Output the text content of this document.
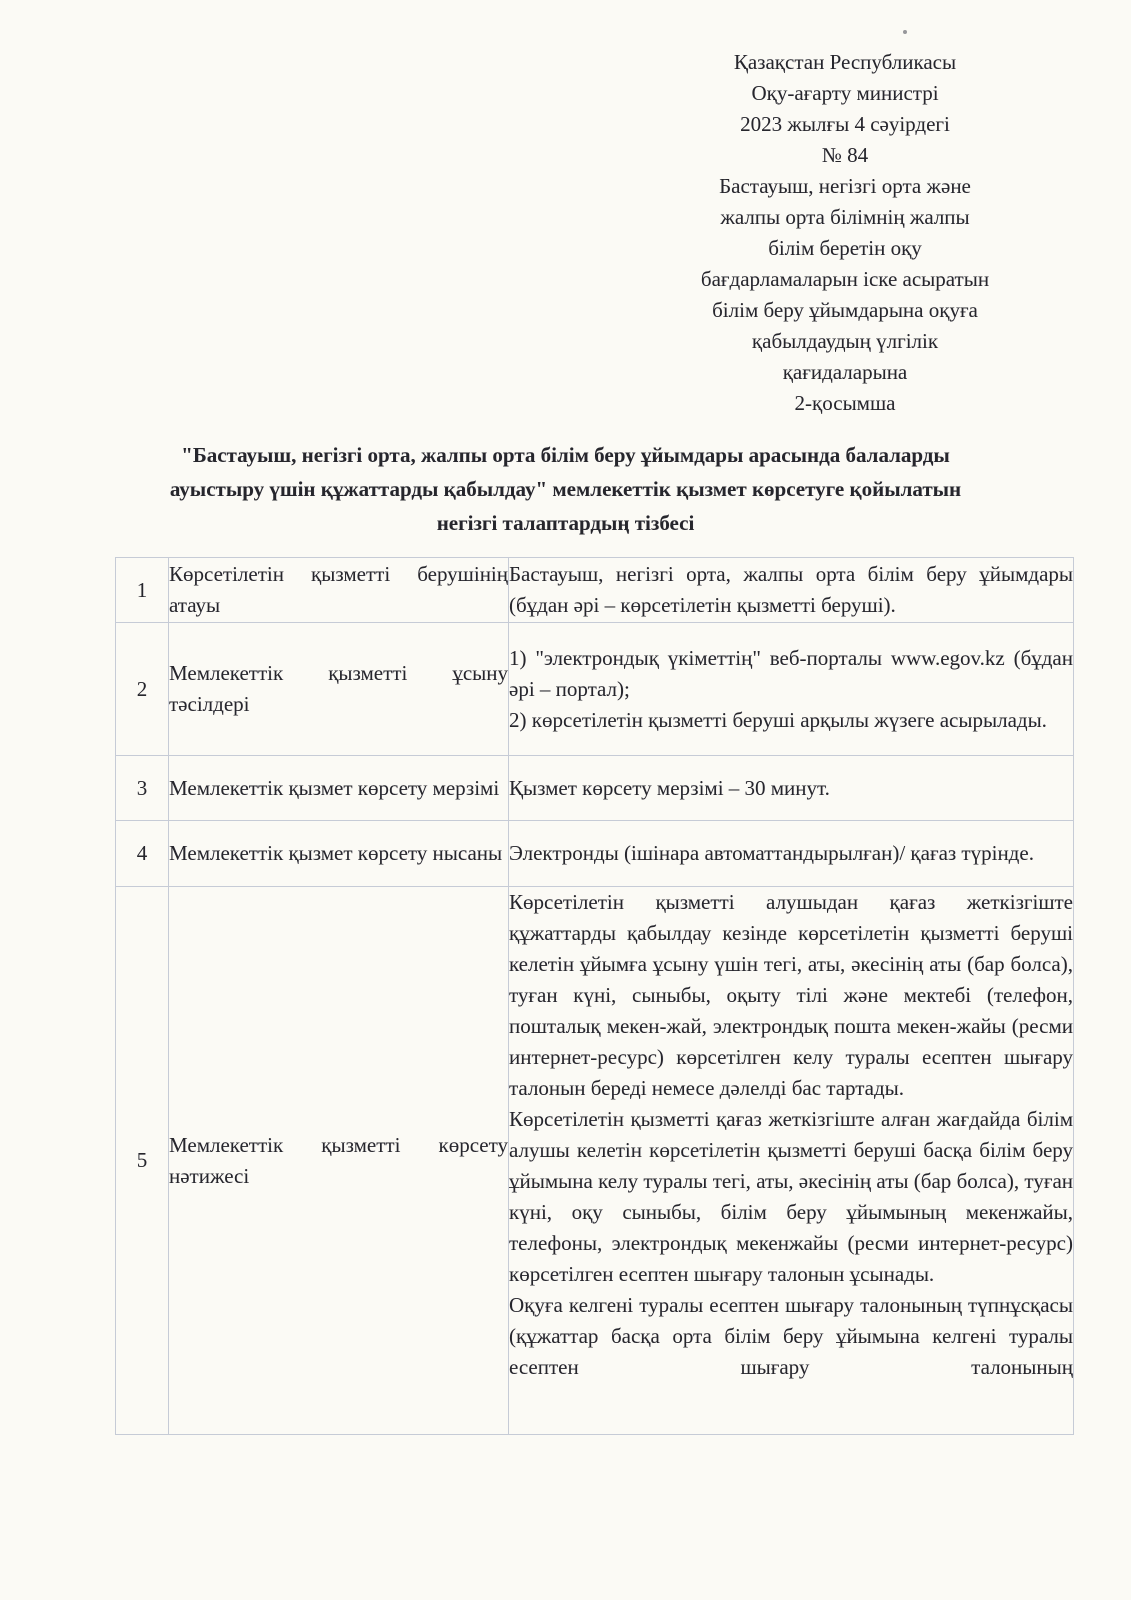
Қазақстан Республикасы
Оқу-ағарту министрі
2023 жылғы 4 сәуірдегі
№ 84
Бастауыш, негізгі орта және
жалпы орта білімнің жалпы
білім беретін оқу
бағдарламаларын іске асыратын
білім беру ұйымдарына оқуға
қабылдаудың үлгілік
қағидаларына
2-қосымша
"Бастауыш, негізгі орта, жалпы орта білім беру ұйымдары арасында балаларды
ауыстыру үшін құжаттарды қабылдау" мемлекеттік қызмет көрсетуге қойылатын
негізгі талаптардың тізбесі
1	Көрсетілетін қызметті берушінің атауы	Бастауыш, негізгі орта, жалпы орта білім беру ұйымдары (бұдан әрі – көрсетілетін қызметті беруші).

2	Мемлекеттік қызметті ұсыну тәсілдері	1) "электрондық үкіметтің" веб-порталы www.egov.kz (бұдан әрі – портал);

2) көрсетілетін қызметті беруші арқылы жүзеге асырылады.

3	Мемлекеттік қызмет көрсету мерзімі	Қызмет көрсету мерзімі – 30 минут.

4	Мемлекеттік қызмет көрсету нысаны	Электронды (ішінара автоматтандырылған)/ қағаз түрінде.

5	Мемлекеттік қызметті көрсету нәтижесі	Көрсетілетін қызметті алушыдан қағаз жеткізгіште құжаттарды қабылдау кезінде көрсетілетін қызметті беруші келетін ұйымға ұсыну үшін тегі, аты, әкесінің аты (бар болса), туған күні, сыныбы, оқыту тілі және мектебі (телефон, пошталық мекен-жай, электрондық пошта мекен-жайы (ресми интернет-ресурс) көрсетілген келу туралы есептен шығару талонын береді немесе дәлелді бас тартады.

Көрсетілетін қызметті қағаз жеткізгіште алған жағдайда білім алушы келетін көрсетілетін қызметті беруші басқа білім беру ұйымына келу туралы тегі, аты, әкесінің аты (бар болса), туған күні, оқу сыныбы, білім беру ұйымының мекенжайы, телефоны, электрондық мекенжайы (ресми интернет-ресурс) көрсетілген есептен шығару талонын ұсынады.

Оқуға келгені туралы есептен шығару талонының түпнұсқасы (құжаттар басқа орта білім беру ұйымына келгені туралы есептен шығару талонының
